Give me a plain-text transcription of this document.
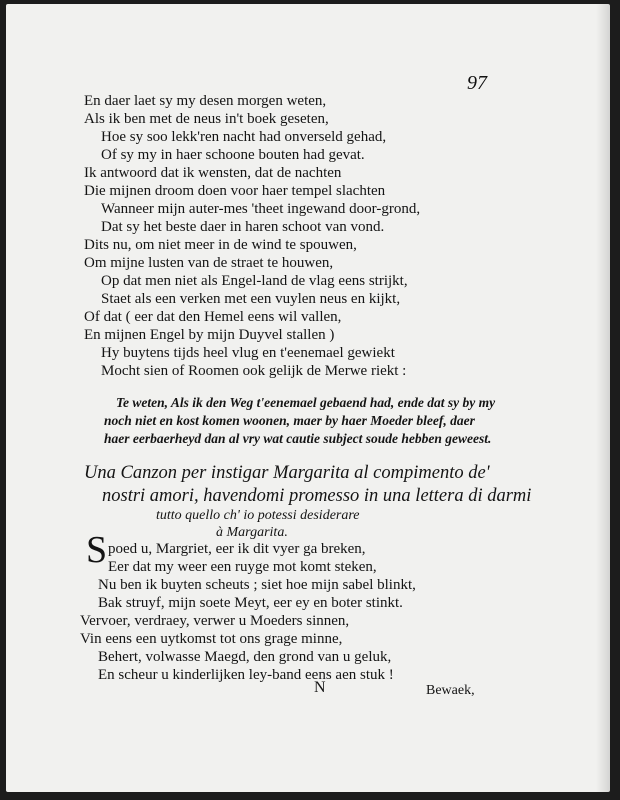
97
En daer laet sy my desen morgen weten,
Als ik ben met de neus in't boek geseten,
Hoe sy soo lekk'ren nacht had onverseld gehad,
Of sy my in haer schoone bouten had gevat.
Ik antwoord dat ik wensten, dat de nachten
Die mijnen droom doen voor haer tempel slachten
Wanneer mijn auter-mes 'theet ingewand door-grond,
Dat sy het beste daer in haren schoot van vond.
Dits nu, om niet meer in de wind te spouwen,
Om mijne lusten van de straet te houwen,
Op dat men niet als Engel-land de vlag eens strijkt,
Staet als een verken met een vuylen neus en kijkt,
Of dat ( eer dat den Hemel eens wil vallen,
En mijnen Engel by mijn Duyvel stallen )
Hy buytens tijds heel vlug en t'eenemael gewiekt
Mocht sien of Roomen ook gelijk de Merwe riekt :
Te weten, Als ik den Weg t'eenemael gebaend had, ende dat sy by my
noch niet en kost komen woonen, maer by haer Moeder bleef, daer
haer eerbaerheyd dan al vry wat cautie subject soude hebben geweest.
Una Canzon per instigar Margarita al compimento de'
nostri amori, havendomi promesso in una lettera di darmi
tutto quello ch' io potessi desiderare
à Margarita.
S poed u, Margriet, eer ik dit vyer ga breken,
Eer dat my weer een ruyge mot komt steken,
Nu ben ik buyten scheuts ; siet hoe mijn sabel blinkt,
Bak struyf, mijn soete Meyt, eer ey en boter stinkt.
Vervoer, verdraey, verwer u Moeders sinnen,
Vin eens een uytkomst tot ons grage minne,
Behert, volwasse Maegd, den grond van u geluk,
En scheur u kinderlijken ley-band eens aen stuk !
N	Bewaek,
